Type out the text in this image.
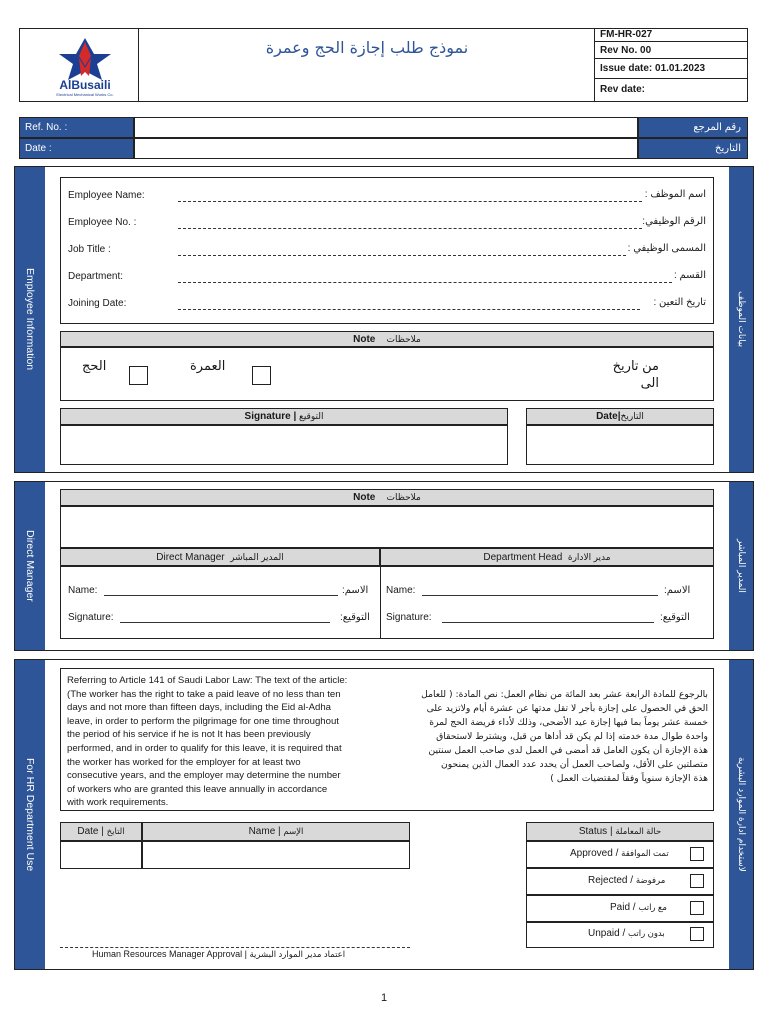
AlBusaili
Electrical Mechanical Works Co.
نموذج طلب إجازة الحج وعمرة
FM-HR-027
Rev No. 00
Issue date: 01.01.2023
Rev date:
Ref. No. :	رقم المرجع
Date :	التاريخ
Employee Information	بيانات الموظف
Employee Name:	اسم الموظف :
Employee No. :	الرقم الوظيفي:
Job Title :	المسمى الوظيفي :
Department:	القسم :
Joining Date:	تاريخ التعين :
Note ملاحظات
الحج	العمرة	من تاريخ
الى
Signature | التوقيع	Date|التاريخ
Direct Manager	المدير المباشر
Note ملاحظات
Direct Manager المدير المباشر	Department Head مدير الادارة
Name:	الاسم:
Signature:	التوقيع:
Name:	الاسم:
Signature:	التوقيع:
For HR Department Use	لاستخدام ادارة الموارد البشرية
Referring to Article 141 of Saudi Labor Law: The text of the article:
(The worker has the right to take a paid leave of no less than ten
days and not more than fifteen days, including the Eid al-Adha
leave, in order to perform the pilgrimage for one time throughout
the period of his service if he is not It has been previously
performed, and in order to qualify for this leave, it is required that
the worker has worked for the employer for at least two
consecutive years, and the employer may determine the number
of workers who are granted this leave annually in accordance
with work requirements.
بالرجوع للمادة الرابعة عشر بعد المائة من نظام العمل: نص المادة: ( للعامل
الحق في الحصول على إجازة بأجر لا تقل مدتها عن عشرة أيام ولاتزيد على
خمسة عشر يوماً بما فيها إجازة عيد الأضحى، وذلك لأداء فريضة الحج لمرة
واحدة طوال مدة خدمته إذا لم يكن قد أداها من قبل، ويشترط لاستحقاق
هذة الإجازة أن يكون العامل قد أمضى في العمل لدى صاحب العمل سنتين
متصلتين على الأقل، ولصاحب العمل أن يحدد عدد العمال الذين يمنحون
هذة الإجازة سنوياً وفقاً لمقتضيات العمل )
Date | التايخ	Name | الإسم	Status | حالة المعاملة
Approved / تمت الموافقة
Rejected / مرفوضة
Paid / مع راتب
Unpaid / بدون راتب
Human Resources Manager Approval | اعتماد مدير الموارد البشرية
1
